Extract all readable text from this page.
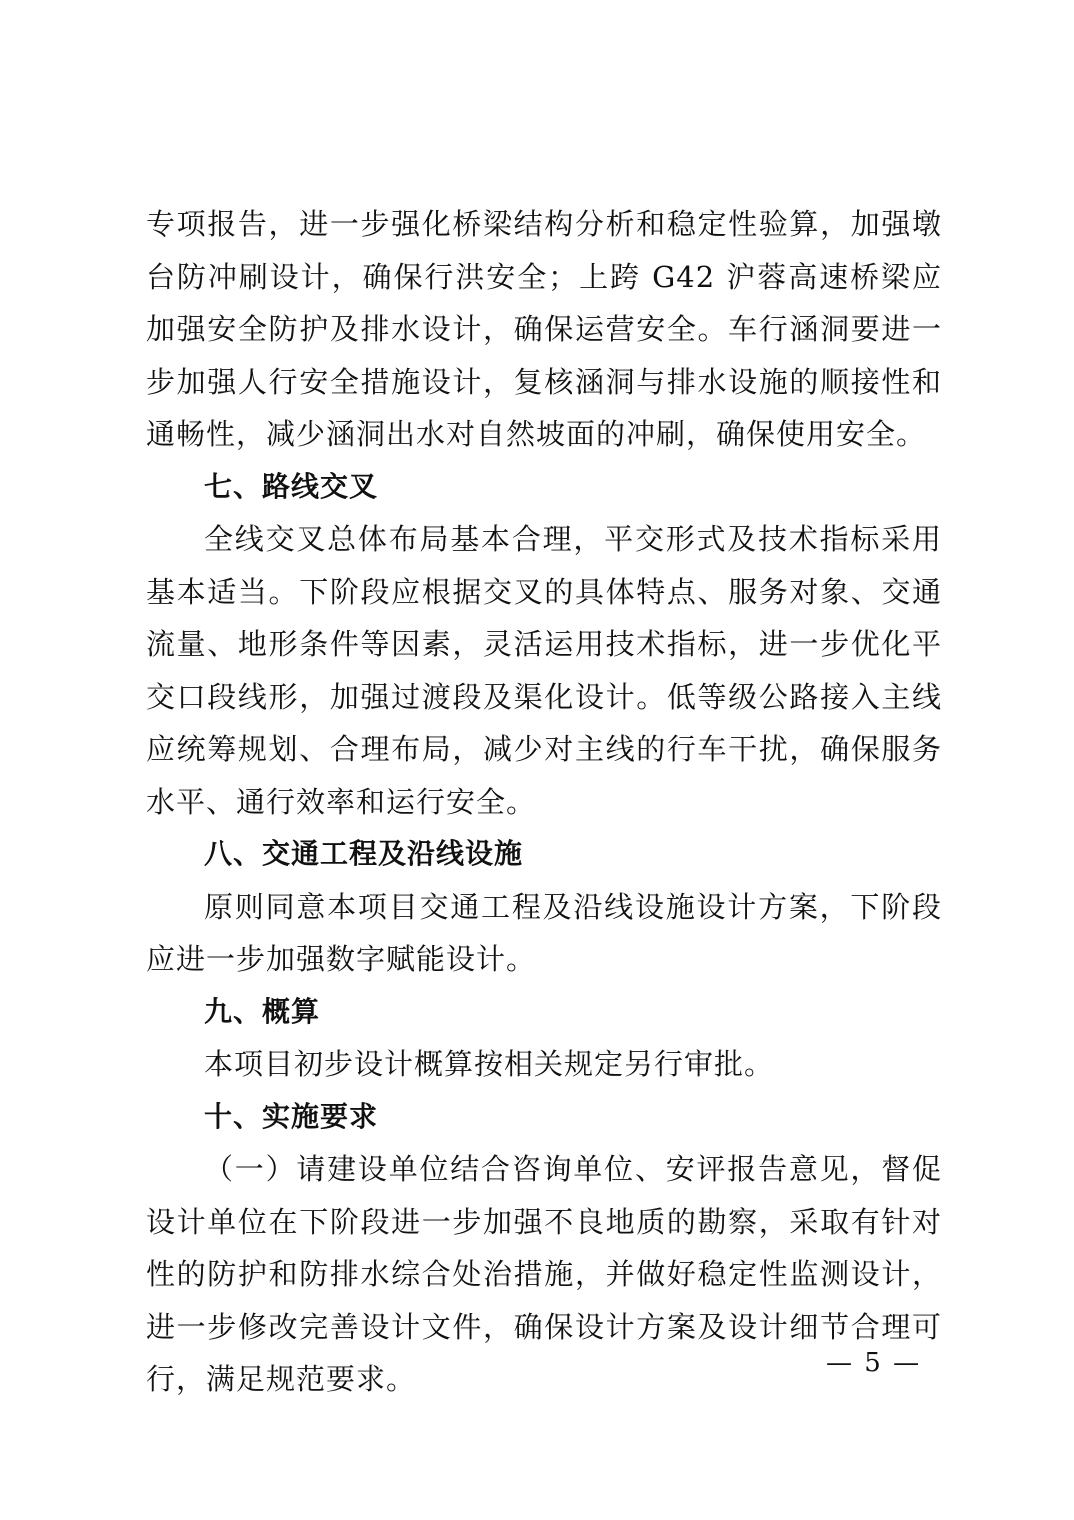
专项报告，进一步强化桥梁结构分析和稳定性验算，加强墩台防冲刷设计，确保行洪安全；上跨 G42 沪蓉高速桥梁应加强安全防护及排水设计，确保运营安全。车行涵洞要进一步加强人行安全措施设计，复核涵洞与排水设施的顺接性和通畅性，减少涵洞出水对自然坡面的冲刷，确保使用安全。

七、路线交叉

全线交叉总体布局基本合理，平交形式及技术指标采用基本适当。下阶段应根据交叉的具体特点、服务对象、交通流量、地形条件等因素，灵活运用技术指标，进一步优化平交口段线形，加强过渡段及渠化设计。低等级公路接入主线应统筹规划、合理布局，减少对主线的行车干扰，确保服务水平、通行效率和运行安全。

八、交通工程及沿线设施

原则同意本项目交通工程及沿线设施设计方案，下阶段应进一步加强数字赋能设计。

九、概算

本项目初步设计概算按相关规定另行审批。

十、实施要求

（一）请建设单位结合咨询单位、安评报告意见，督促设计单位在下阶段进一步加强不良地质的勘察，采取有针对性的防护和防排水综合处治措施，并做好稳定性监测设计，进一步修改完善设计文件，确保设计方案及设计细节合理可行，满足规范要求。	— 5 —
